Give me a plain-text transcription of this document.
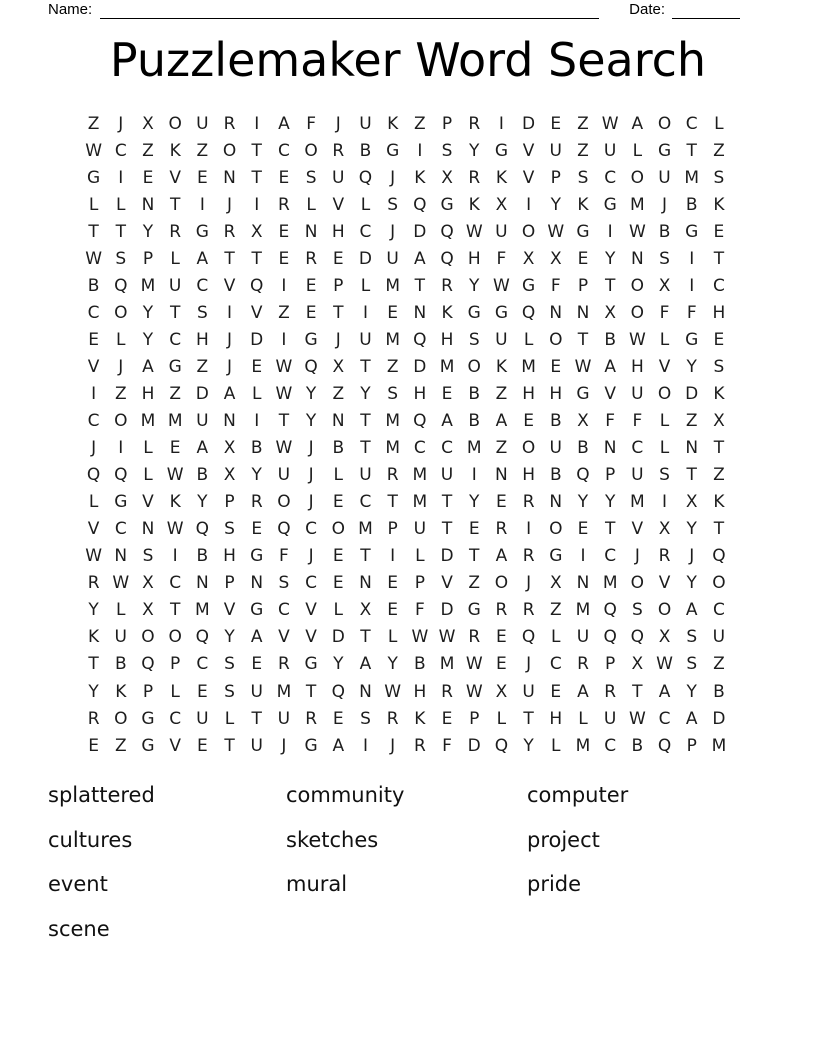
Name:	Date:
Puzzlemaker Word Search
Z	J	X O U R	I	A F	J	U K Z P R	I	D E Z W A O C L
W C Z K Z O T C O R B G	I	S Y G V U Z U L G T Z
G	I	E V E N T E S U Q	J	K X R K V P S C O U M S
L	L N T	I	J	I	R L V L	S Q G K X	I	Y K G M	J	B K
T T Y R G R X E N H C	J	D Q W U O W G	I W B G E
W S P	L A T T E R E D U A Q H F X X E Y N S	I	T
B Q M U C V Q	I	E P	L M T R Y W G F	P T O X	I	C
C O Y T S	I	V Z E T	I	E N K G G Q N N X O F	F H
E	L	Y C H	J	D	I	G	J	U M Q H S U L O T B W L G E
V	J	A G Z	J	E W Q X T Z D M O K M E W A H V Y S
I	Z H Z D A L W Y Z Y S H E B Z H H G V U O D K
C O M M U N	I	T Y N T M Q A B A E B X F	F	L Z X
J	I	L	E A X B W J	B T M C C M Z O U B N C L N T
Q Q L W B X Y U	J	L U R M U	I	N H B Q P U S T Z
L G V K Y P R O	J	E C T M T Y E R N Y Y M	I	X K
V C N W Q S E Q C O M P U T E R	I	O E T V X Y T
W N S	I	B H G F	J	E T	I	L D T A R G	I	C	J	R	J	Q
R W X C N P N S C E N E P V Z O	J	X N M O V Y O
Y	L X T M V G C V L X E F D G R R Z M Q S O A C
K U O O Q Y A V V D T	L W W R E Q L U Q Q X S U
T B Q P C S E R G Y A Y B M W E	J	C R P X W S Z
Y K P	L	E S U M T Q N W H R W X U E A R T A Y B
R O G C U L	T U R E S R K E P	L	T H L U W C A D
E Z G V E T U	J	G A	I	J	R F D Q Y	L M C B Q P M
splattered
cultures
event
scene
community
sketches
mural
computer
project
pride
